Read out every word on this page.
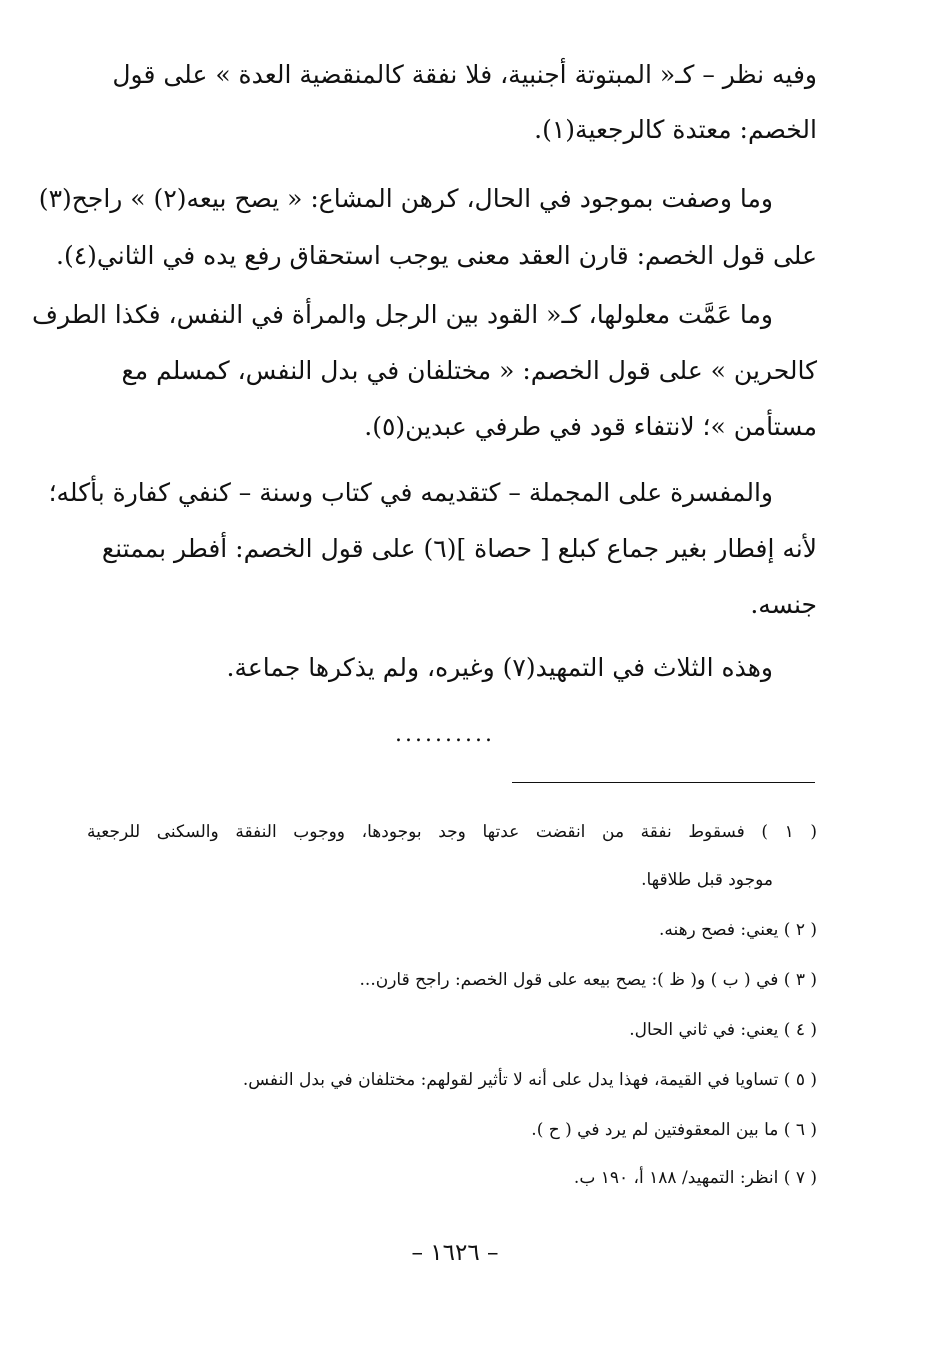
وفيه نظر – كـ« المبتوتة أجنبية، فلا نفقة كالمنقضية العدة » على قول
الخصم: معتدة كالرجعية(١).
وما وصفت بموجود في الحال، كرهن المشاع: « يصح بيعه(٢) » راجح(٣)
على قول الخصم: قارن العقد معنى يوجب استحقاق رفع يده في الثاني(٤).
وما عَمَّت معلولها، كـ« القود بين الرجل والمرأة في النفس، فكذا الطرف
كالحرين » على قول الخصم: « مختلفان في بدل النفس، كمسلم مع
مستأمن »؛ لانتفاء قود في طرفي عبدين(٥).
والمفسرة على المجملة – كتقديمه في كتاب وسنة – كنفي كفارة بأكله؛
لأنه إفطار بغير جماع كبلع [ حصاة ](٦) على قول الخصم: أفطر بممتنع
جنسه.
وهذه الثلاث في التمهيد(٧) وغيره، ولم يذكرها جماعة.
..........
( ١ ) فسقوط نفقة من انقضت عدتها وجد بوجودها، ووجوب النفقة والسكنى للرجعية
موجود قبل طلاقها.
( ٢ ) يعني: فصح رهنه.
( ٣ ) في ( ب ) و( ظ ): يصح بيعه على قول الخصم: راجح قارن...
( ٤ ) يعني: في ثاني الحال.
( ٥ ) تساويا في القيمة، فهذا يدل على أنه لا تأثير لقولهم: مختلفان في بدل النفس.
( ٦ ) ما بين المعقوفتين لم يرد في ( ح ).
( ٧ ) انظر: التمهيد/ ١٨٨ أ، ١٩٠ ب.
– ١٦٢٦ –
